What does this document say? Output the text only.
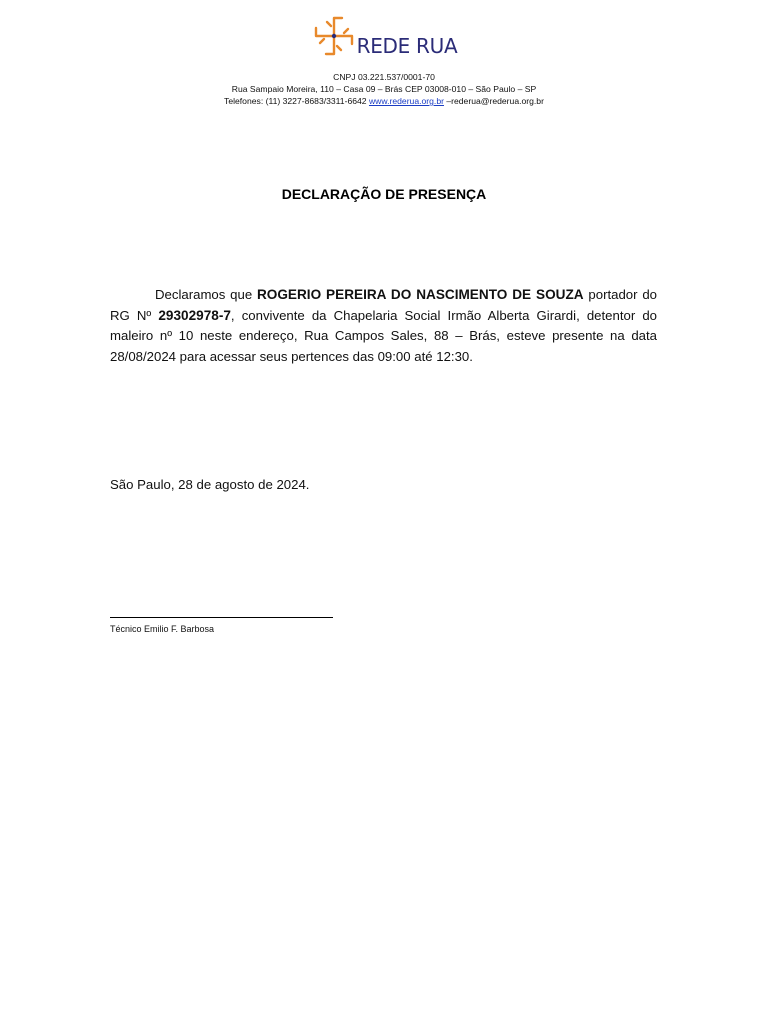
REDE RUA
CNPJ 03.221.537/0001-70
Rua Sampaio Moreira, 110 – Casa 09 – Brás CEP 03008-010 – São Paulo – SP
Telefones: (11) 3227-8683/3311-6642 www.rederua.org.br –rederua@rederua.org.br
DECLARAÇÃO DE PRESENÇA
Declaramos que ROGERIO PEREIRA DO NASCIMENTO DE SOUZA portador do RG Nº 29302978-7, convivente da Chapelaria Social Irmão Alberta Girardi, detentor do maleiro nº 10 neste endereço, Rua Campos Sales, 88 – Brás, esteve presente na data 28/08/2024 para acessar seus pertences das 09:00 até 12:30.
São Paulo, 28 de agosto de 2024.
Técnico Emilio F. Barbosa
